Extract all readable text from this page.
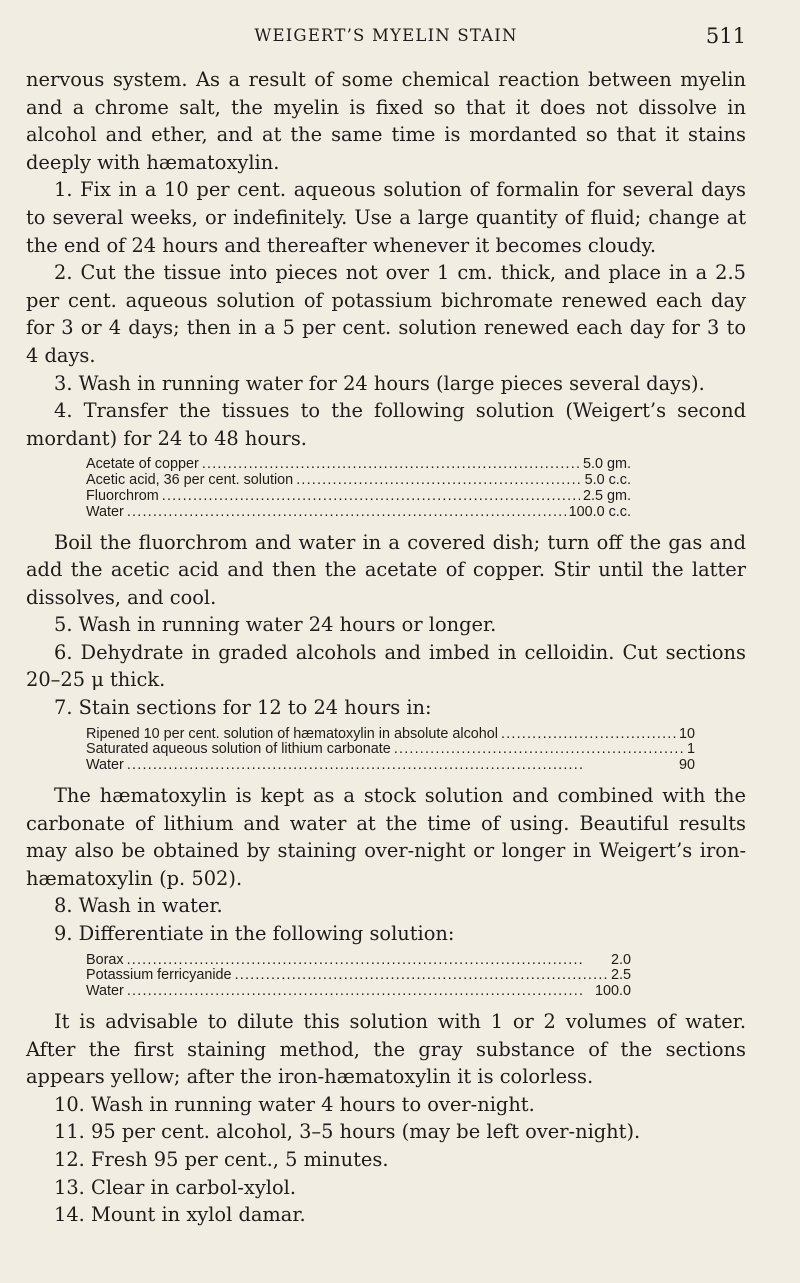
WEIGERT’S MYELIN STAIN	511

nervous system. As a result of some chemical reaction between myelin and a chrome salt, the myelin is fixed so that it does not dissolve in alcohol and ether, and at the same time is mordanted so that it stains deeply with hæmatoxylin.

1. Fix in a 10 per cent. aqueous solution of formalin for several days to several weeks, or indefinitely. Use a large quantity of fluid; change at the end of 24 hours and thereafter whenever it becomes cloudy.

2. Cut the tissue into pieces not over 1 cm. thick, and place in a 2.5 per cent. aqueous solution of potassium bichromate renewed each day for 3 or 4 days; then in a 5 per cent. solution renewed each day for 3 to 4 days.

3. Wash in running water for 24 hours (large pieces several days).

4. Transfer the tissues to the following solution (Weigert’s second mordant) for 24 to 48 hours.

Acetate of copper . . .	5.0 gm.
Acetic acid, 36 per cent. solution . . .	5.0 c.c.
Fluorchrom . . .	2.5 gm.
Water . . .	100.0 c.c.

Boil the fluorchrom and water in a covered dish; turn off the gas and add the acetic acid and then the acetate of copper. Stir until the latter dissolves, and cool.

5. Wash in running water 24 hours or longer.

6. Dehydrate in graded alcohols and imbed in celloidin. Cut sections 20–25 μ thick.

7. Stain sections for 12 to 24 hours in:

Ripened 10 per cent. solution of hæmatoxylin in absolute alcohol . . .	10
Saturated aqueous solution of lithium carbonate . . .	1
Water . . .	90

The hæmatoxylin is kept as a stock solution and combined with the carbonate of lithium and water at the time of using. Beautiful results may also be obtained by staining over-night or longer in Weigert’s iron-hæmatoxylin (p. 502).

8. Wash in water.

9. Differentiate in the following solution:

Borax . . .	2.0
Potassium ferricyanide . . .	2.5
Water . . .	100.0

It is advisable to dilute this solution with 1 or 2 volumes of water. After the first staining method, the gray substance of the sections appears yellow; after the iron-hæmatoxylin it is colorless.

10. Wash in running water 4 hours to over-night.

11. 95 per cent. alcohol, 3–5 hours (may be left over-night).

12. Fresh 95 per cent., 5 minutes.

13. Clear in carbol-xylol.

14. Mount in xylol damar.
